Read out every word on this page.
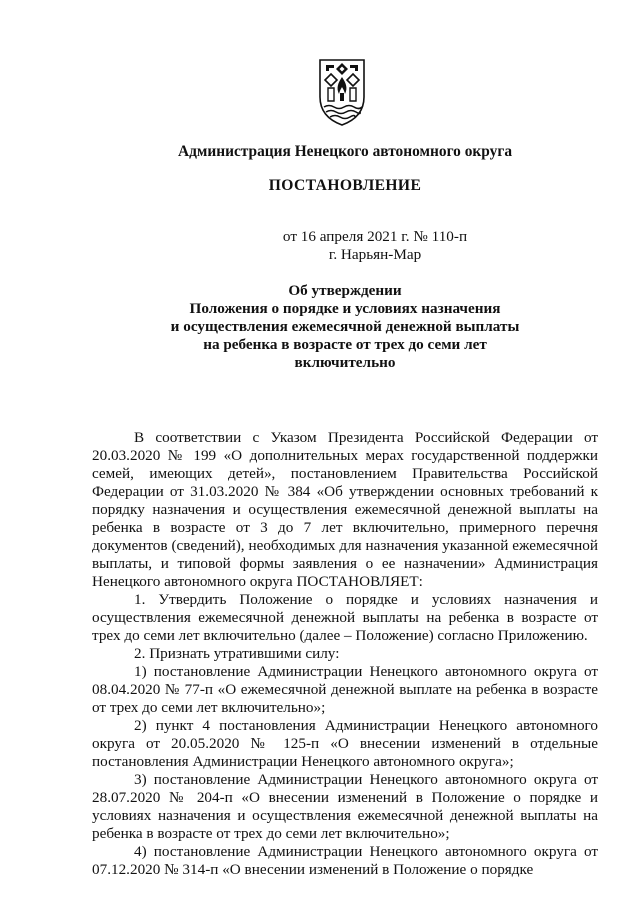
Администрация Ненецкого автономного округа
ПОСТАНОВЛЕНИЕ
от 16 апреля 2021 г. № 110-п
г. Нарьян-Мар
Об утверждении
Положения о порядке и условиях назначения
и осуществления ежемесячной денежной выплаты
на ребенка в возрасте от трех до семи лет
включительно

В соответствии с Указом Президента Российской Федерации от 20.03.2020 № 199 «О дополнительных мерах государственной поддержки семей, имеющих детей», постановлением Правительства Российской Федерации от 31.03.2020 № 384 «Об утверждении основных требований к порядку назначения и осуществления ежемесячной денежной выплаты на ребенка в возрасте от 3 до 7 лет включительно, примерного перечня документов (сведений), необходимых для назначения указанной ежемесячной выплаты, и типовой формы заявления о ее назначении» Администрация Ненецкого автономного округа ПОСТАНОВЛЯЕТ:

1. Утвердить Положение о порядке и условиях назначения и осуществления ежемесячной денежной выплаты на ребенка в возрасте от трех до семи лет включительно (далее – Положение) согласно Приложению.

2. Признать утратившими силу:

1) постановление Администрации Ненецкого автономного округа от 08.04.2020 № 77-п «О ежемесячной денежной выплате на ребенка в возрасте от трех до семи лет включительно»;

2) пункт 4 постановления Администрации Ненецкого автономного округа от 20.05.2020 № 125-п «О внесении изменений в отдельные постановления Администрации Ненецкого автономного округа»;

3) постановление Администрации Ненецкого автономного округа от 28.07.2020 № 204-п «О внесении изменений в Положение о порядке и условиях назначения и осуществления ежемесячной денежной выплаты на ребенка в возрасте от трех до семи лет включительно»;

4) постановление Администрации Ненецкого автономного округа от 07.12.2020 № 314-п «О внесении изменений в Положение о порядке
